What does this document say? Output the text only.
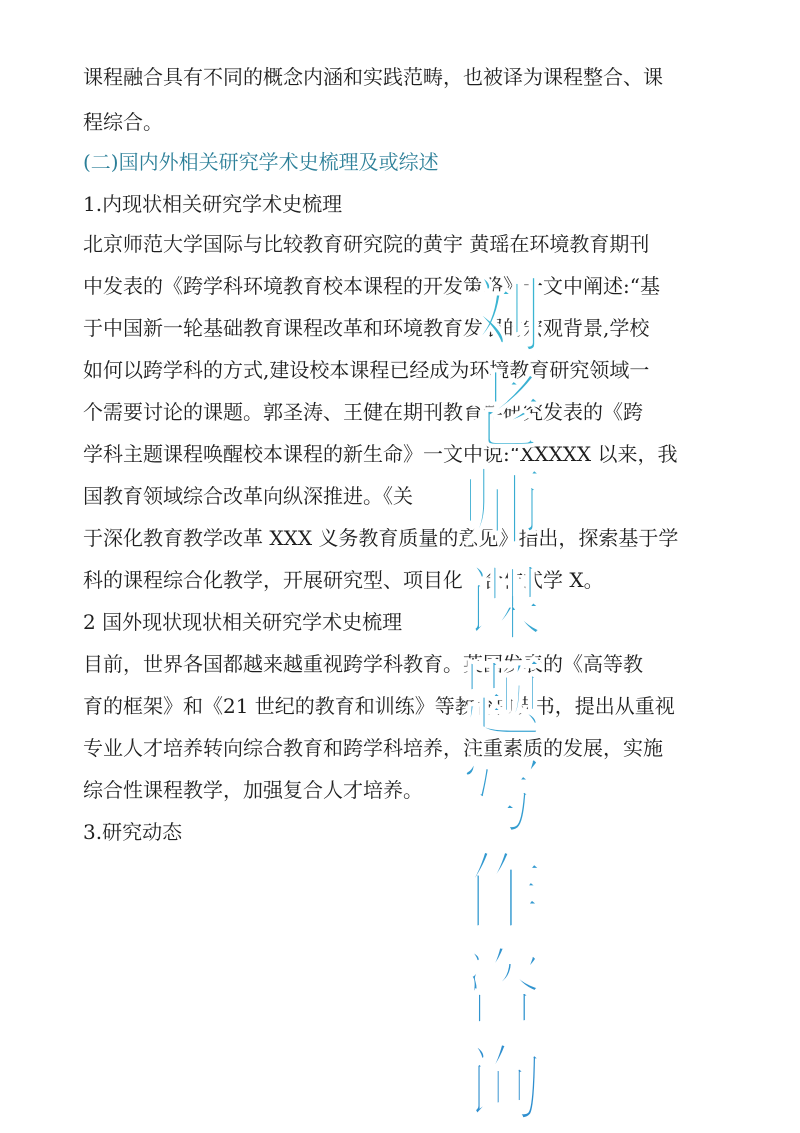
课程融合具有不同的概念内涵和实践范畴，也被译为课程整合、课

程综合。

(二)国内外相关研究学术史梳理及或综述

1.内现状相关研究学术史梳理

北京师范大学国际与比较教育研究院的黄宇 黄瑶在环境教育期刊

中发表的《跨学科环境教育校本课程的开发策略》一文中阐述:“基

于中国新一轮基础教育课程改革和环境教育发展的宏观背景,学校

如何以跨学科的方式,建设校本课程已经成为环境教育研究领域一

个需要讨论的课题。郭圣涛、王健在期刊教育学研究发表的《跨

学科主题课程唤醒校本课程的新生命》一文中说:“XXXXX 以来，我

国教育领域综合改革向纵深推进。《关

于深化教育教学改革 XXX 义务教育质量的意见》指出，探索基于学

科的课程综合化教学，开展研究型、项目化、合作式学 X。

2 国外现状现状相关研究学术史梳理

目前，世界各国都越来越重视跨学科教育。英国发表的《高等教

育的框架》和《21 世纪的教育和训练》等教育白皮书，提出从重视

专业人才培养转向综合教育和跨学科培养，注重素质的发展，实施

综合性课程教学，加强复合人才培养。

3.研究动态

刘
老
师
课
题
写
作
咨
询
